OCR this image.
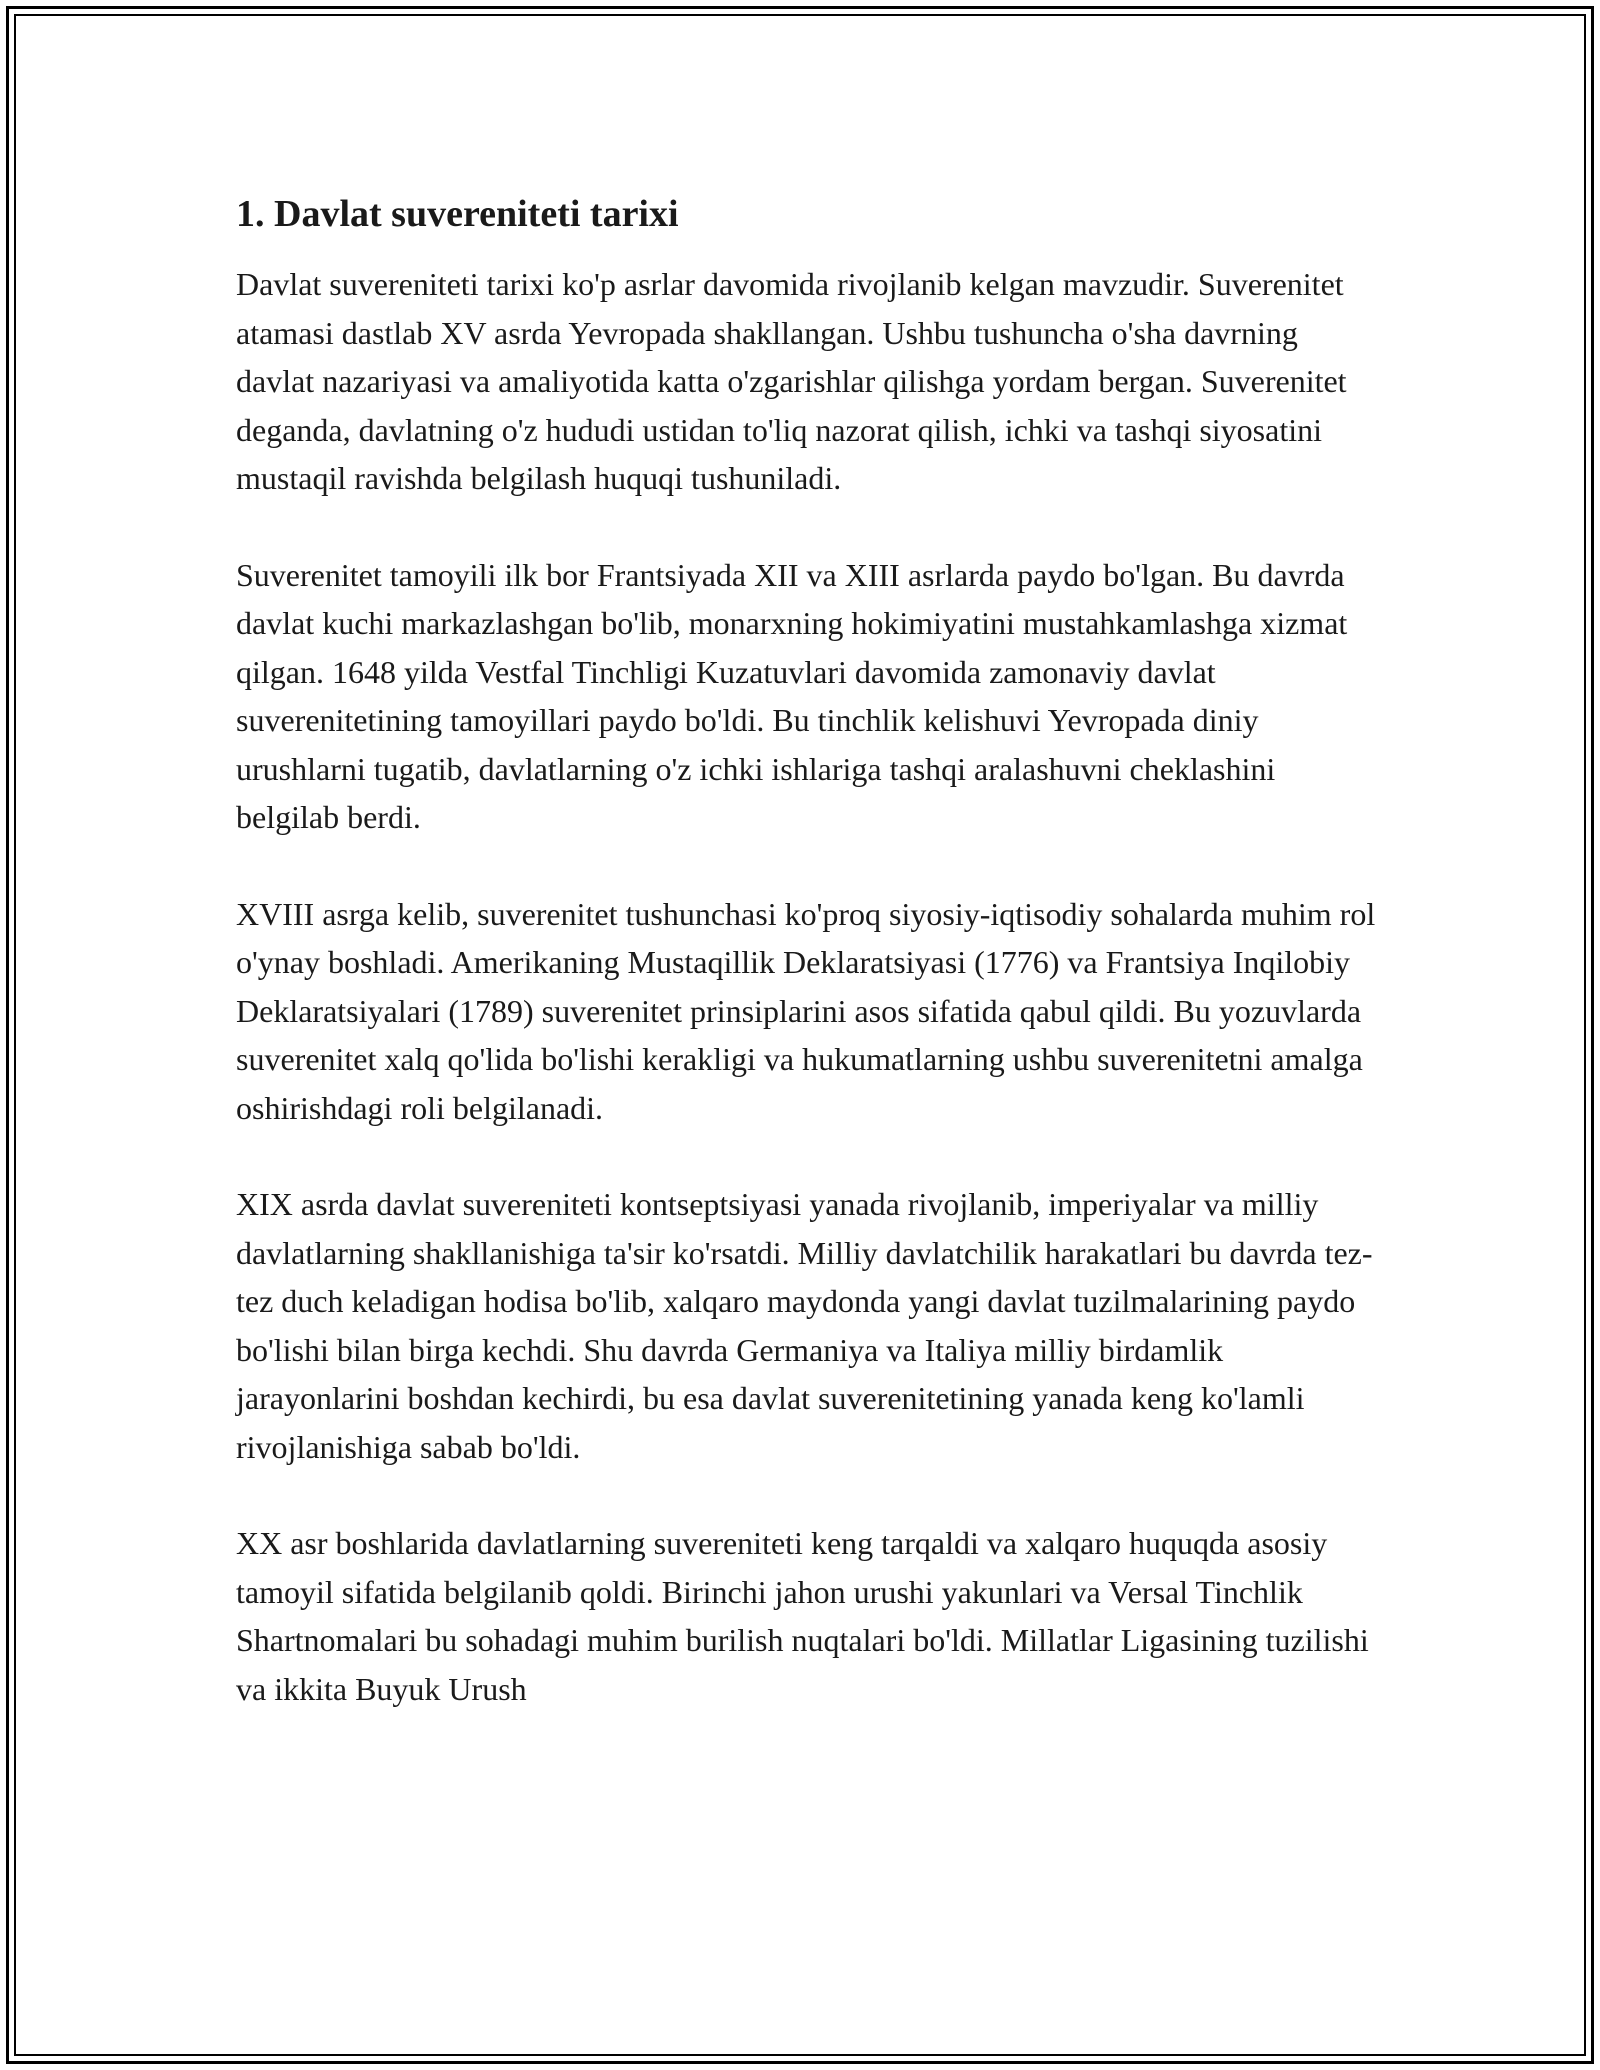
1. Davlat suvereniteti tarixi

Davlat suvereniteti tarixi ko'p asrlar davomida rivojlanib kelgan mavzudir. Suverenitet atamasi dastlab XV asrda Yevropada shakllangan. Ushbu tushuncha o'sha davrning davlat nazariyasi va amaliyotida katta o'zgarishlar qilishga yordam bergan. Suverenitet deganda, davlatning o'z hududi ustidan to'liq nazorat qilish, ichki va tashqi siyosatini mustaqil ravishda belgilash huquqi tushuniladi.

Suverenitet tamoyili ilk bor Frantsiyada XII va XIII asrlarda paydo bo'lgan. Bu davrda davlat kuchi markazlashgan bo'lib, monarxning hokimiyatini mustahkamlashga xizmat qilgan. 1648 yilda Vestfal Tinchligi Kuzatuvlari davomida zamonaviy davlat suverenitetining tamoyillari paydo bo'ldi. Bu tinchlik kelishuvi Yevropada diniy urushlarni tugatib, davlatlarning o'z ichki ishlariga tashqi aralashuvni cheklashini belgilab berdi.

XVIII asrga kelib, suverenitet tushunchasi ko'proq siyosiy-iqtisodiy sohalarda muhim rol o'ynay boshladi. Amerikaning Mustaqillik Deklaratsiyasi (1776) va Frantsiya Inqilobiy Deklaratsiyalari (1789) suverenitet prinsiplarini asos sifatida qabul qildi. Bu yozuvlarda suverenitet xalq qo'lida bo'lishi kerakligi va hukumatlarning ushbu suverenitetni amalga oshirishdagi roli belgilanadi.

XIX asrda davlat suvereniteti kontseptsiyasi yanada rivojlanib, imperiyalar va milliy davlatlarning shakllanishiga ta'sir ko'rsatdi. Milliy davlatchilik harakatlari bu davrda tez-tez duch keladigan hodisa bo'lib, xalqaro maydonda yangi davlat tuzilmalarining paydo bo'lishi bilan birga kechdi. Shu davrda Germaniya va Italiya milliy birdamlik jarayonlarini boshdan kechirdi, bu esa davlat suverenitetining yanada keng ko'lamli rivojlanishiga sabab bo'ldi.

XX asr boshlarida davlatlarning suvereniteti keng tarqaldi va xalqaro huquqda asosiy tamoyil sifatida belgilanib qoldi. Birinchi jahon urushi yakunlari va Versal Tinchlik Shartnomalari bu sohadagi muhim burilish nuqtalari bo'ldi. Millatlar Ligasining tuzilishi va ikkita Buyuk Urush
